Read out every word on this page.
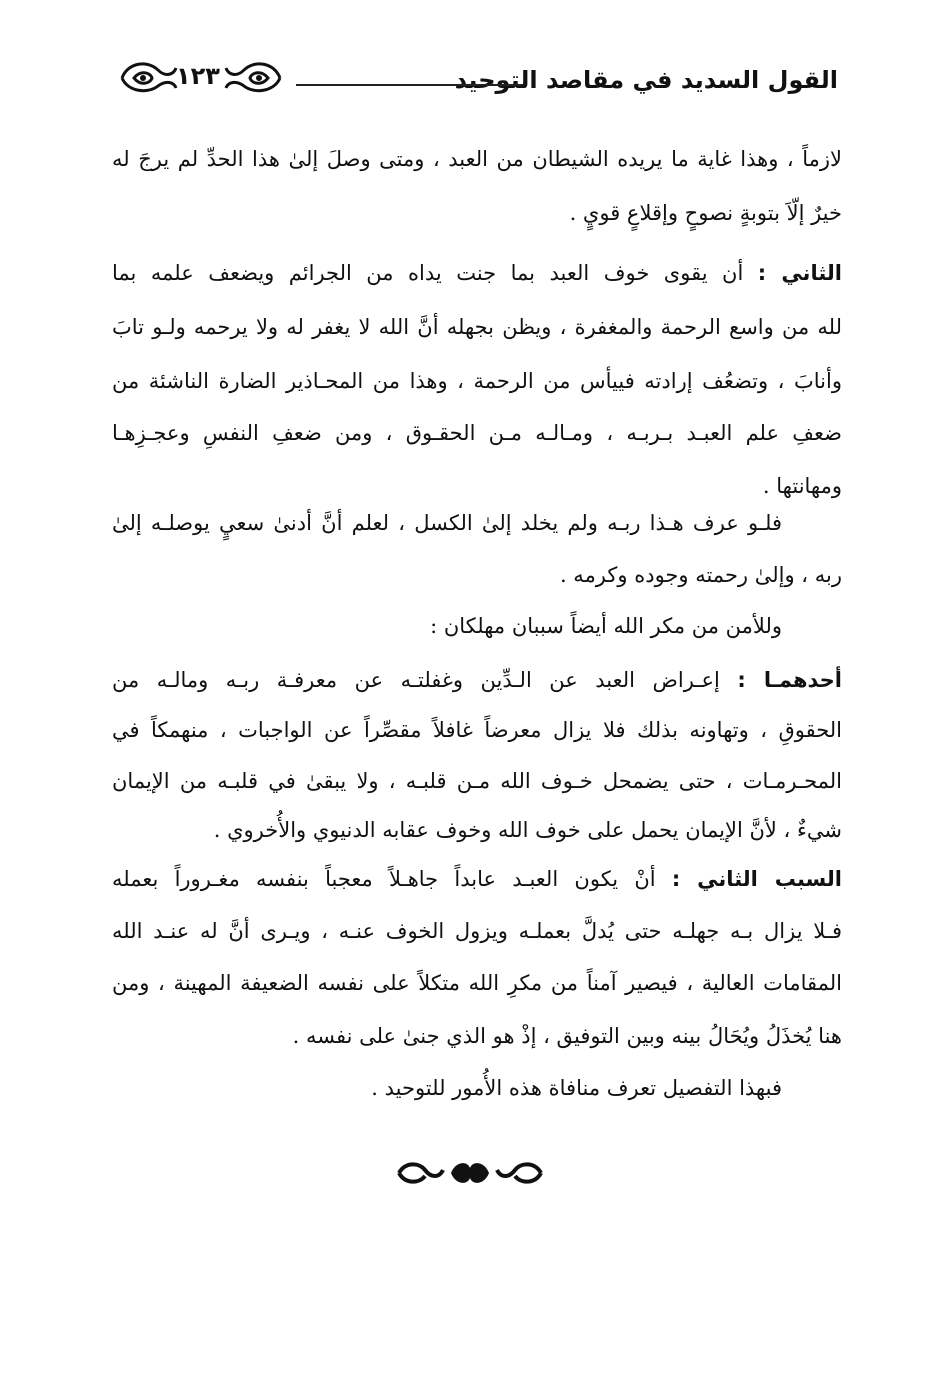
القول السديد في مقاصد التوحيد
١٢٣
لازماً ، وهذا غاية ما يريده الشيطان من العبد ، ومتى وصلَ إلىٰ هذا الحدِّ لم يرجَ له
خيرٌ إلّاَ بتوبةٍ نصوحٍ وإقلاعٍ قويٍ .
الثاني : أن يقوى خوف العبد بما جنت يداه من الجرائم ويضعف علمه بما
لله من واسع الرحمة والمغفرة ، ويظن بجهله أنَّ الله لا يغفر له ولا يرحمه ولـو تابَ
وأنابَ ، وتضعُف إرادته فييأس من الرحمة ، وهذا من المحـاذير الضارة الناشئة من
ضعفِ علم العبـد بـربـه ، ومـالـه مـن الحقـوق ، ومن ضعفِ النفسِ وعجـزِهـا
ومهانتها .
فلـو عرف هـذا ربـه ولم يخلد إلىٰ الكسل ، لعلم أنَّ أدنىٰ سعيٍ يوصلـه إلىٰ
ربه ، وإلىٰ رحمته وجوده وكرمه .
وللأمن من مكر الله أيضاً سببان مهلكان :
أحدهمـا : إعـراض العبد عن الـدِّين وغفلتـه عن معرفـة ربـه ومالـه من
الحقوقِ ، وتهاونه بذلك فلا يزال معرضاً غافلاً مقصِّراً عن الواجبات ، منهمكاً في
المحـرمـات ، حتى يضمحل خـوف الله مـن قلبـه ، ولا يبقىٰ في قلبـه من الإيمان
شيءٌ ، لأنَّ الإيمان يحمل على خوف الله وخوف عقابه الدنيوي والأُخروي .
السبب الثاني : أنْ يكون العبـد عابداً جاهـلاً معجباً بنفسه مغـروراً بعمله
فـلا يزال بـه جهلـه حتى يُدلَّ بعملـه ويزول الخوف عنـه ، ويـرى أنَّ له عنـد الله
المقامات العالية ، فيصير آمناً من مكرِ الله متكلاً على نفسه الضعيفة المهينة ، ومن
هنا يُخذَلُ ويُحَالُ بينه وبين التوفيق ، إذْ هو الذي جنىٰ على نفسه .
فبهذا التفصيل تعرف منافاة هذه الأُمور للتوحيد .
